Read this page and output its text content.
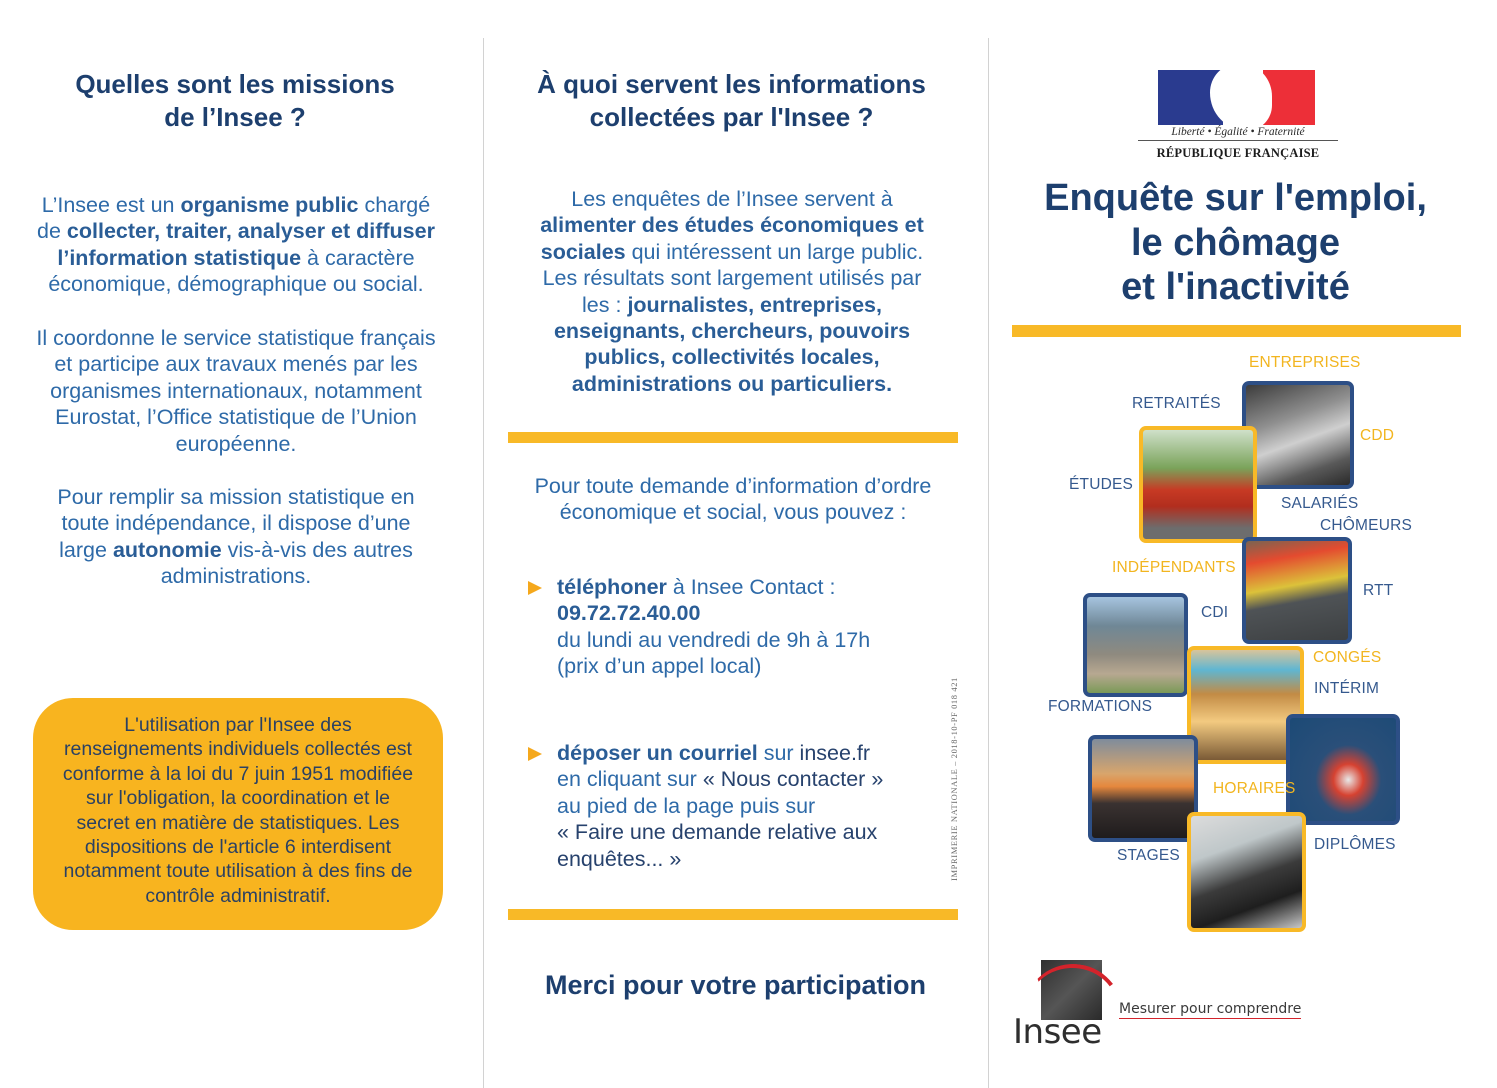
Quelles sont les missions
de l’Insee ?
L’Insee est un organisme public chargé
de collecter, traiter, analyser et diffuser
l’information statistique à caractère
économique, démographique ou social.
Il coordonne le service statistique français
et participe aux travaux menés par les
organismes internationaux, notamment
Eurostat, l’Office statistique de l’Union
européenne.
Pour remplir sa mission statistique en
toute indépendance, il dispose d’une
large autonomie vis-à-vis des autres
administrations.
L'utilisation par l'Insee des
renseignements individuels collectés est
conforme à la loi du 7 juin 1951 modifiée
sur l'obligation, la coordination et le
secret en matière de statistiques. Les
dispositions de l'article 6 interdisent
notamment toute utilisation à des fins de
contrôle administratif.
À quoi servent les informations
collectées par l'Insee ?
Les enquêtes de l’Insee servent à
alimenter des études économiques et
sociales qui intéressent un large public.
Les résultats sont largement utilisés par
les : journalistes, entreprises,
enseignants, chercheurs, pouvoirs
publics, collectivités locales,
administrations ou particuliers.
Pour toute demande d’information d’ordre
économique et social, vous pouvez :
téléphoner à Insee Contact :
09.72.72.40.00
du lundi au vendredi de 9h à 17h
(prix d’un appel local)
déposer un courriel sur insee.fr
en cliquant sur « Nous contacter »
au pied de la page puis sur
« Faire une demande relative aux
enquêtes... »
Merci pour votre participation
IMPRIMERIE NATIONALE – 2018-10-PF 018 421
Liberté • Égalité • Fraternité
RÉPUBLIQUE FRANÇAISE
Enquête sur l'emploi,
le chômage
et l'inactivité
ENTREPRISES
RETRAITÉS
CDD
ÉTUDES
SALARIÉS
CHÔMEURS
INDÉPENDANTS
RTT
CDI
CONGÉS
INTÉRIM
FORMATIONS
HORAIRES
DIPLÔMES
STAGES
Insee
Mesurer pour comprendre
